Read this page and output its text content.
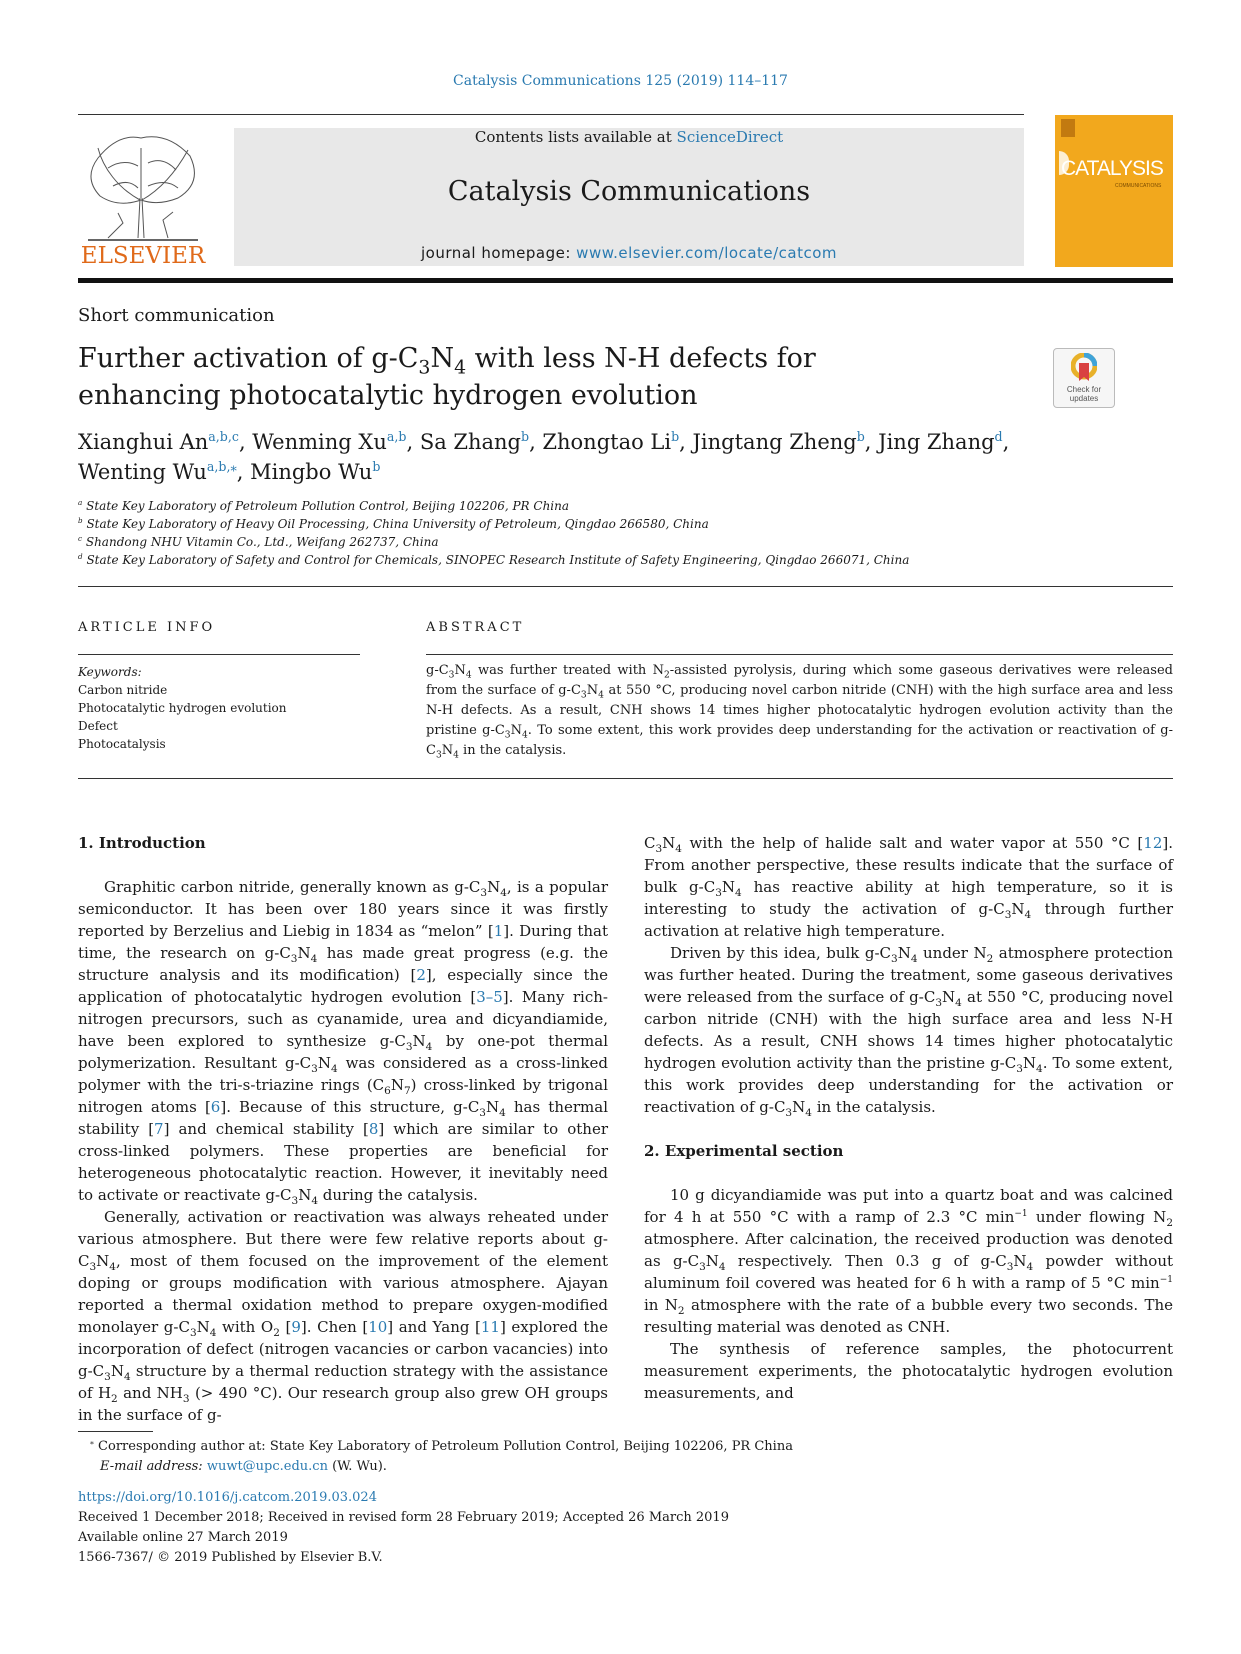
Catalysis Communications 125 (2019) 114–117
ELSEVIER
Contents lists available at ScienceDirect
Catalysis Communications
journal homepage: www.elsevier.com/locate/catcom
CATALYSIS
COMMUNICATIONS
Short communication
Further activation of $g-C_3N_4$ with less N-H defects for enhancing photocatalytic hydrogen evolution	Check for updates
Xianghui An$^{a,b,c}$, Wenming Xu$^{a,b}$, Sa Zhang$^b$, Zhongtao Li$^b$, Jingtang Zheng$^b$, Jing Zhang$^d$,
Wenting Wu$^{a,b,⁎}$, Mingbo Wu$^b$
$^a$ State Key Laboratory of Petroleum Pollution Control, Beijing 102206, PR China
$^b$ State Key Laboratory of Heavy Oil Processing, China University of Petroleum, Qingdao 266580, China
$^c$ Shandong NHU Vitamin Co., Ltd., Weifang 262737, China
$^d$ State Key Laboratory of Safety and Control for Chemicals, SINOPEC Research Institute of Safety Engineering, Qingdao 266071, China
ARTICLE INFO
Keywords:
Carbon nitride
Photocatalytic hydrogen evolution
Defect
Photocatalysis
ABSTRACT
$g-C_3N_4$ was further treated with $N_2$-assisted pyrolysis, during which some gaseous derivatives were released from the surface of $g-C_3N_4$ at 550 °C, producing novel carbon nitride (CNH) with the high surface area and less N-H defects. As a result, CNH shows 14 times higher photocatalytic hydrogen evolution activity than the pristine $g-C_3N_4$. To some extent, this work provides deep understanding for the activation or reactivation of $g-C_3N_4$ in the catalysis.
1. Introduction

Graphitic carbon nitride, generally known as $g-C_3N_4$, is a popular semiconductor. It has been over 180 years since it was firstly reported by Berzelius and Liebig in 1834 as “melon” [1]. During that time, the research on $g-C_3N_4$ has made great progress (e.g. the structure analysis and its modification) [2], especially since the application of photocatalytic hydrogen evolution [3–5]. Many rich-nitrogen precursors, such as cyanamide, urea and dicyandiamide, have been explored to synthesize $g-C_3N_4$ by one-pot thermal polymerization. Resultant $g-C_3N_4$ was considered as a cross-linked polymer with the tri-s-triazine rings $(C_6N_7)$ cross-linked by trigonal nitrogen atoms [6]. Because of this structure, $g-C_3N_4$ has thermal stability [7] and chemical stability [8] which are similar to other cross-linked polymers. These properties are beneficial for heterogeneous photocatalytic reaction. However, it inevitably need to activate or reactivate $g-C_3N_4$ during the catalysis.

Generally, activation or reactivation was always reheated under various atmosphere. But there were few relative reports about $g-C_3N_4$, most of them focused on the improvement of the element doping or groups modification with various atmosphere. Ajayan reported a thermal oxidation method to prepare oxygen-modified monolayer $g-C_3N_4$ with $O_2$ [9]. Chen [10] and Yang [11] explored the incorporation of defect (nitrogen vacancies or carbon vacancies) into $g-C_3N_4$ structure by a thermal reduction strategy with the assistance of $H_2$ and $NH_3$ (> 490 °C). Our research group also grew OH groups in the surface of g-

$C_3N_4$ with the help of halide salt and water vapor at 550 °C [12]. From another perspective, these results indicate that the surface of bulk $g-C_3N_4$ has reactive ability at high temperature, so it is interesting to study the activation of $g-C_3N_4$ through further activation at relative high temperature.

Driven by this idea, bulk $g-C_3N_4$ under $N_2$ atmosphere protection was further heated. During the treatment, some gaseous derivatives were released from the surface of $g-C_3N_4$ at 550 °C, producing novel carbon nitride (CNH) with the high surface area and less N-H defects. As a result, CNH shows 14 times higher photocatalytic hydrogen evolution activity than the pristine $g-C_3N_4$. To some extent, this work provides deep understanding for the activation or reactivation of $g-C_3N_4$ in the catalysis.

2. Experimental section

10 g dicyandiamide was put into a quartz boat and was calcined for 4 h at 550 °C with a ramp of 2.3 °C $\min^{-1}$ under flowing $N_2$ atmosphere. After calcination, the received production was denoted as $g-C_3N_4$ respectively. Then 0.3 g of $g-C_3N_4$ powder without aluminum foil covered was heated for 6 h with a ramp of 5 °C $\min^{-1}$ in $N_2$ atmosphere with the rate of a bubble every two seconds. The resulting material was denoted as CNH.

The synthesis of reference samples, the photocurrent measurement experiments, the photocatalytic hydrogen evolution measurements, and

⁎ Corresponding author at: State Key Laboratory of Petroleum Pollution Control, Beijing 102206, PR China
E-mail address: wuwt@upc.edu.cn (W. Wu).
https://doi.org/10.1016/j.catcom.2019.03.024
Received 1 December 2018; Received in revised form 28 February 2019; Accepted 26 March 2019
Available online 27 March 2019
1566-7367/ © 2019 Published by Elsevier B.V.
